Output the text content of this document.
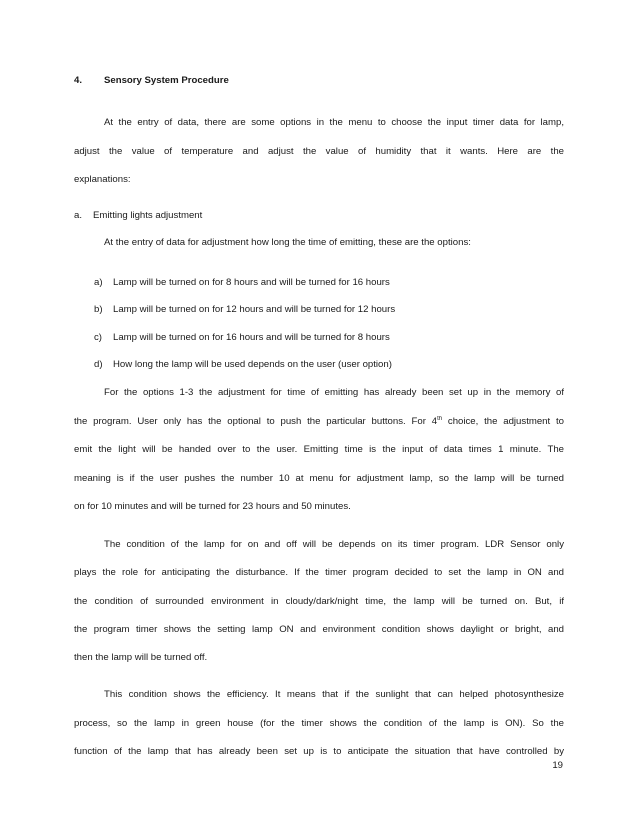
4. Sensory System Procedure
At the entry of data, there are some options in the menu to choose the input timer data for lamp,
adjust the value of temperature and adjust the value of humidity that it wants. Here are the
explanations:
a. Emitting lights adjustment
At the entry of data for adjustment how long the time of emitting, these are the options:
a) Lamp will be turned on for 8 hours and will be turned for 16 hours
b) Lamp will be turned on for 12 hours and will be turned for 12 hours
c) Lamp will be turned on for 16 hours and will be turned for 8 hours
d) How long the lamp will be used depends on the user (user option)
For the options 1-3 the adjustment for time of emitting has already been set up in the memory of
the program. User only has the optional to push the particular buttons. For 4th choice, the adjustment to
emit the light will be handed over to the user. Emitting time is the input of data times 1 minute. The
meaning is if the user pushes the number 10 at menu for adjustment lamp, so the lamp will be turned
on for 10 minutes and will be turned for 23 hours and 50 minutes.
The condition of the lamp for on and off will be depends on its timer program. LDR Sensor only
plays the role for anticipating the disturbance. If the timer program decided to set the lamp in ON and
the condition of surrounded environment in cloudy/dark/night time, the lamp will be turned on. But, if
the program timer shows the setting lamp ON and environment condition shows daylight or bright, and
then the lamp will be turned off.
This condition shows the efficiency. It means that if the sunlight that can helped photosynthesize
process, so the lamp in green house (for the timer shows the condition of the lamp is ON). So the
function of the lamp that has already been set up is to anticipate the situation that have controlled by
19
